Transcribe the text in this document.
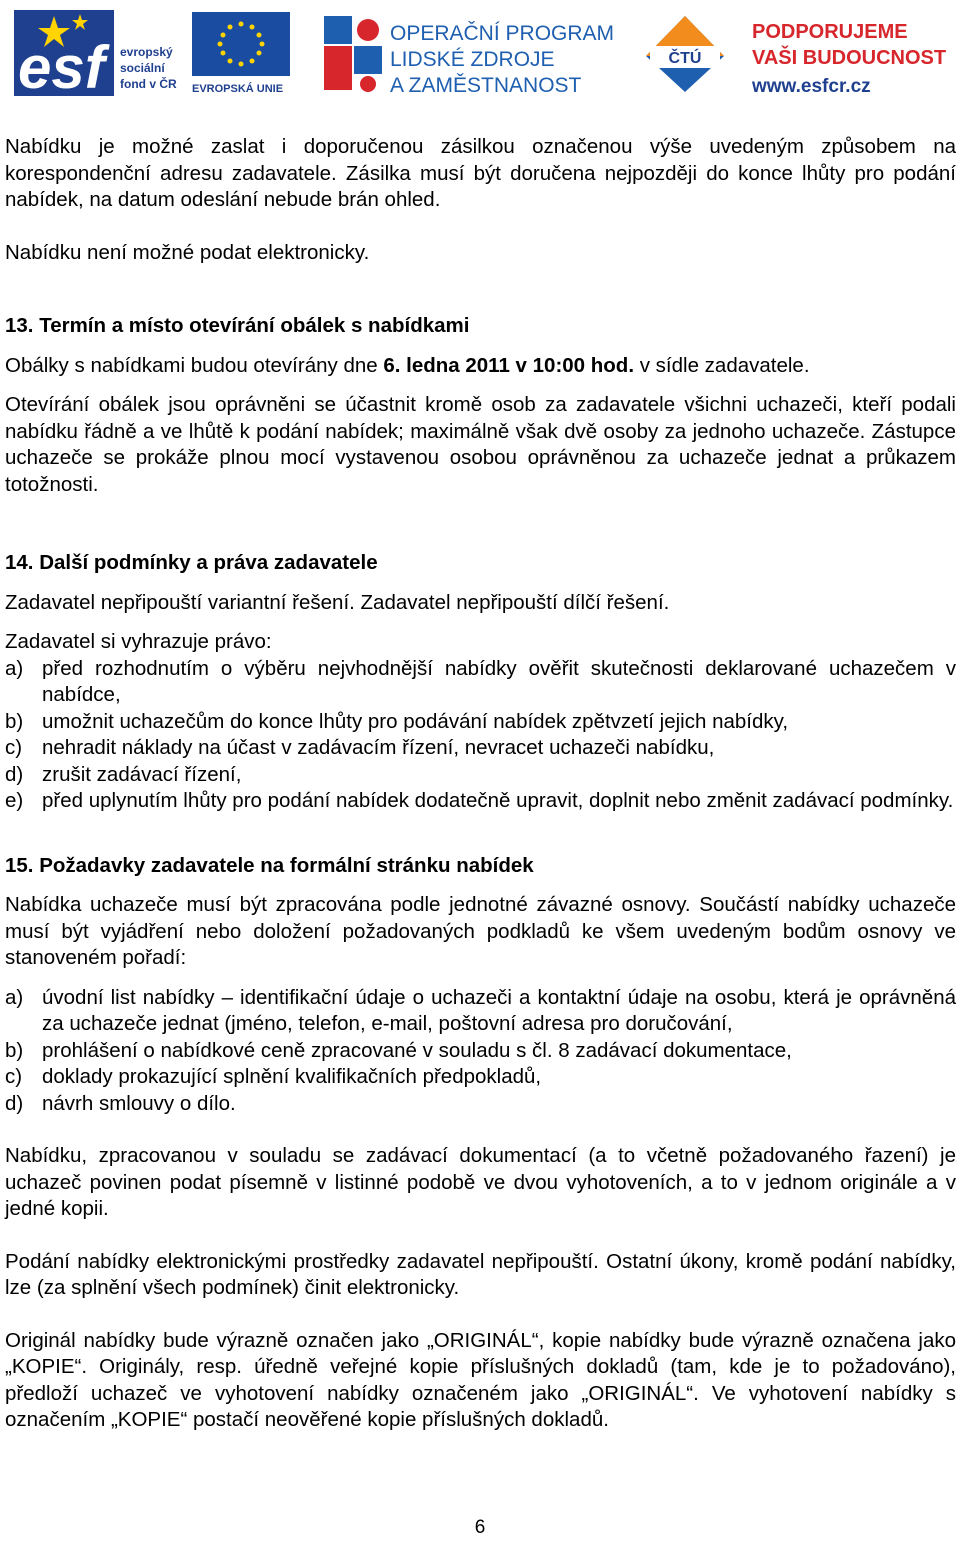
esf	evropský
sociální
fond v ČR EVROPSKÁ UNIE
OPERAČNÍ PROGRAM
LIDSKÉ ZDROJE
A ZAMĚSTNANOST
ČTÚ
PODPORUJEME
VAŠI BUDOUCNOST
www.esfcr.cz

Nabídku je možné zaslat i doporučenou zásilkou označenou výše uvedeným způsobem na korespondenční adresu zadavatele. Zásilka musí být doručena nejpozději do konce lhůty pro podání nabídek, na datum odeslání nebude brán ohled.

Nabídku není možné podat elektronicky.

13. Termín a místo otevírání obálek s nabídkami

Obálky s nabídkami budou otevírány dne 6. ledna 2011 v 10:00 hod. v sídle zadavatele.

Otevírání obálek jsou oprávněni se účastnit kromě osob za zadavatele všichni uchazeči, kteří podali nabídku řádně a ve lhůtě k podání nabídek; maximálně však dvě osoby za jednoho uchazeče. Zástupce uchazeče se prokáže plnou mocí vystavenou osobou oprávněnou za uchazeče jednat a průkazem totožnosti.

14. Další podmínky a práva zadavatele

Zadavatel nepřipouští variantní řešení. Zadavatel nepřipouští dílčí řešení.

Zadavatel si vyhrazuje právo:

a) před rozhodnutím o výběru nejvhodnější nabídky ověřit skutečnosti deklarované uchazečem v nabídce,
b) umožnit uchazečům do konce lhůty pro podávání nabídek zpětvzetí jejich nabídky,
c) nehradit náklady na účast v zadávacím řízení, nevracet uchazeči nabídku,
d) zrušit zadávací řízení,
e) před uplynutím lhůty pro podání nabídek dodatečně upravit, doplnit nebo změnit zadávací podmínky.
15. Požadavky zadavatele na formální stránku nabídek

Nabídka uchazeče musí být zpracována podle jednotné závazné osnovy. Součástí nabídky uchazeče musí být vyjádření nebo doložení požadovaných podkladů ke všem uvedeným bodům osnovy ve stanoveném pořadí:

a) úvodní list nabídky – identifikační údaje o uchazeči a kontaktní údaje na osobu, která je oprávněná za uchazeče jednat (jméno, telefon, e-mail, poštovní adresa pro doručování,
b) prohlášení o nabídkové ceně zpracované v souladu s čl. 8 zadávací dokumentace,
c) doklady prokazující splnění kvalifikačních předpokladů,
d) návrh smlouvy o dílo.

Nabídku, zpracovanou v souladu se zadávací dokumentací (a to včetně požadovaného řazení) je uchazeč povinen podat písemně v listinné podobě ve dvou vyhotoveních, a to v jednom originále a v jedné kopii.

Podání nabídky elektronickými prostředky zadavatel nepřipouští. Ostatní úkony, kromě podání nabídky, lze (za splnění všech podmínek) činit elektronicky.

Originál nabídky bude výrazně označen jako „ORIGINÁL“, kopie nabídky bude výrazně označena jako „KOPIE“. Originály, resp. úředně veřejné kopie příslušných dokladů (tam, kde je to požadováno), předloží uchazeč ve vyhotovení nabídky označeném jako „ORIGINÁL“. Ve vyhotovení nabídky s označením „KOPIE“ postačí neověřené kopie příslušných dokladů.

6
